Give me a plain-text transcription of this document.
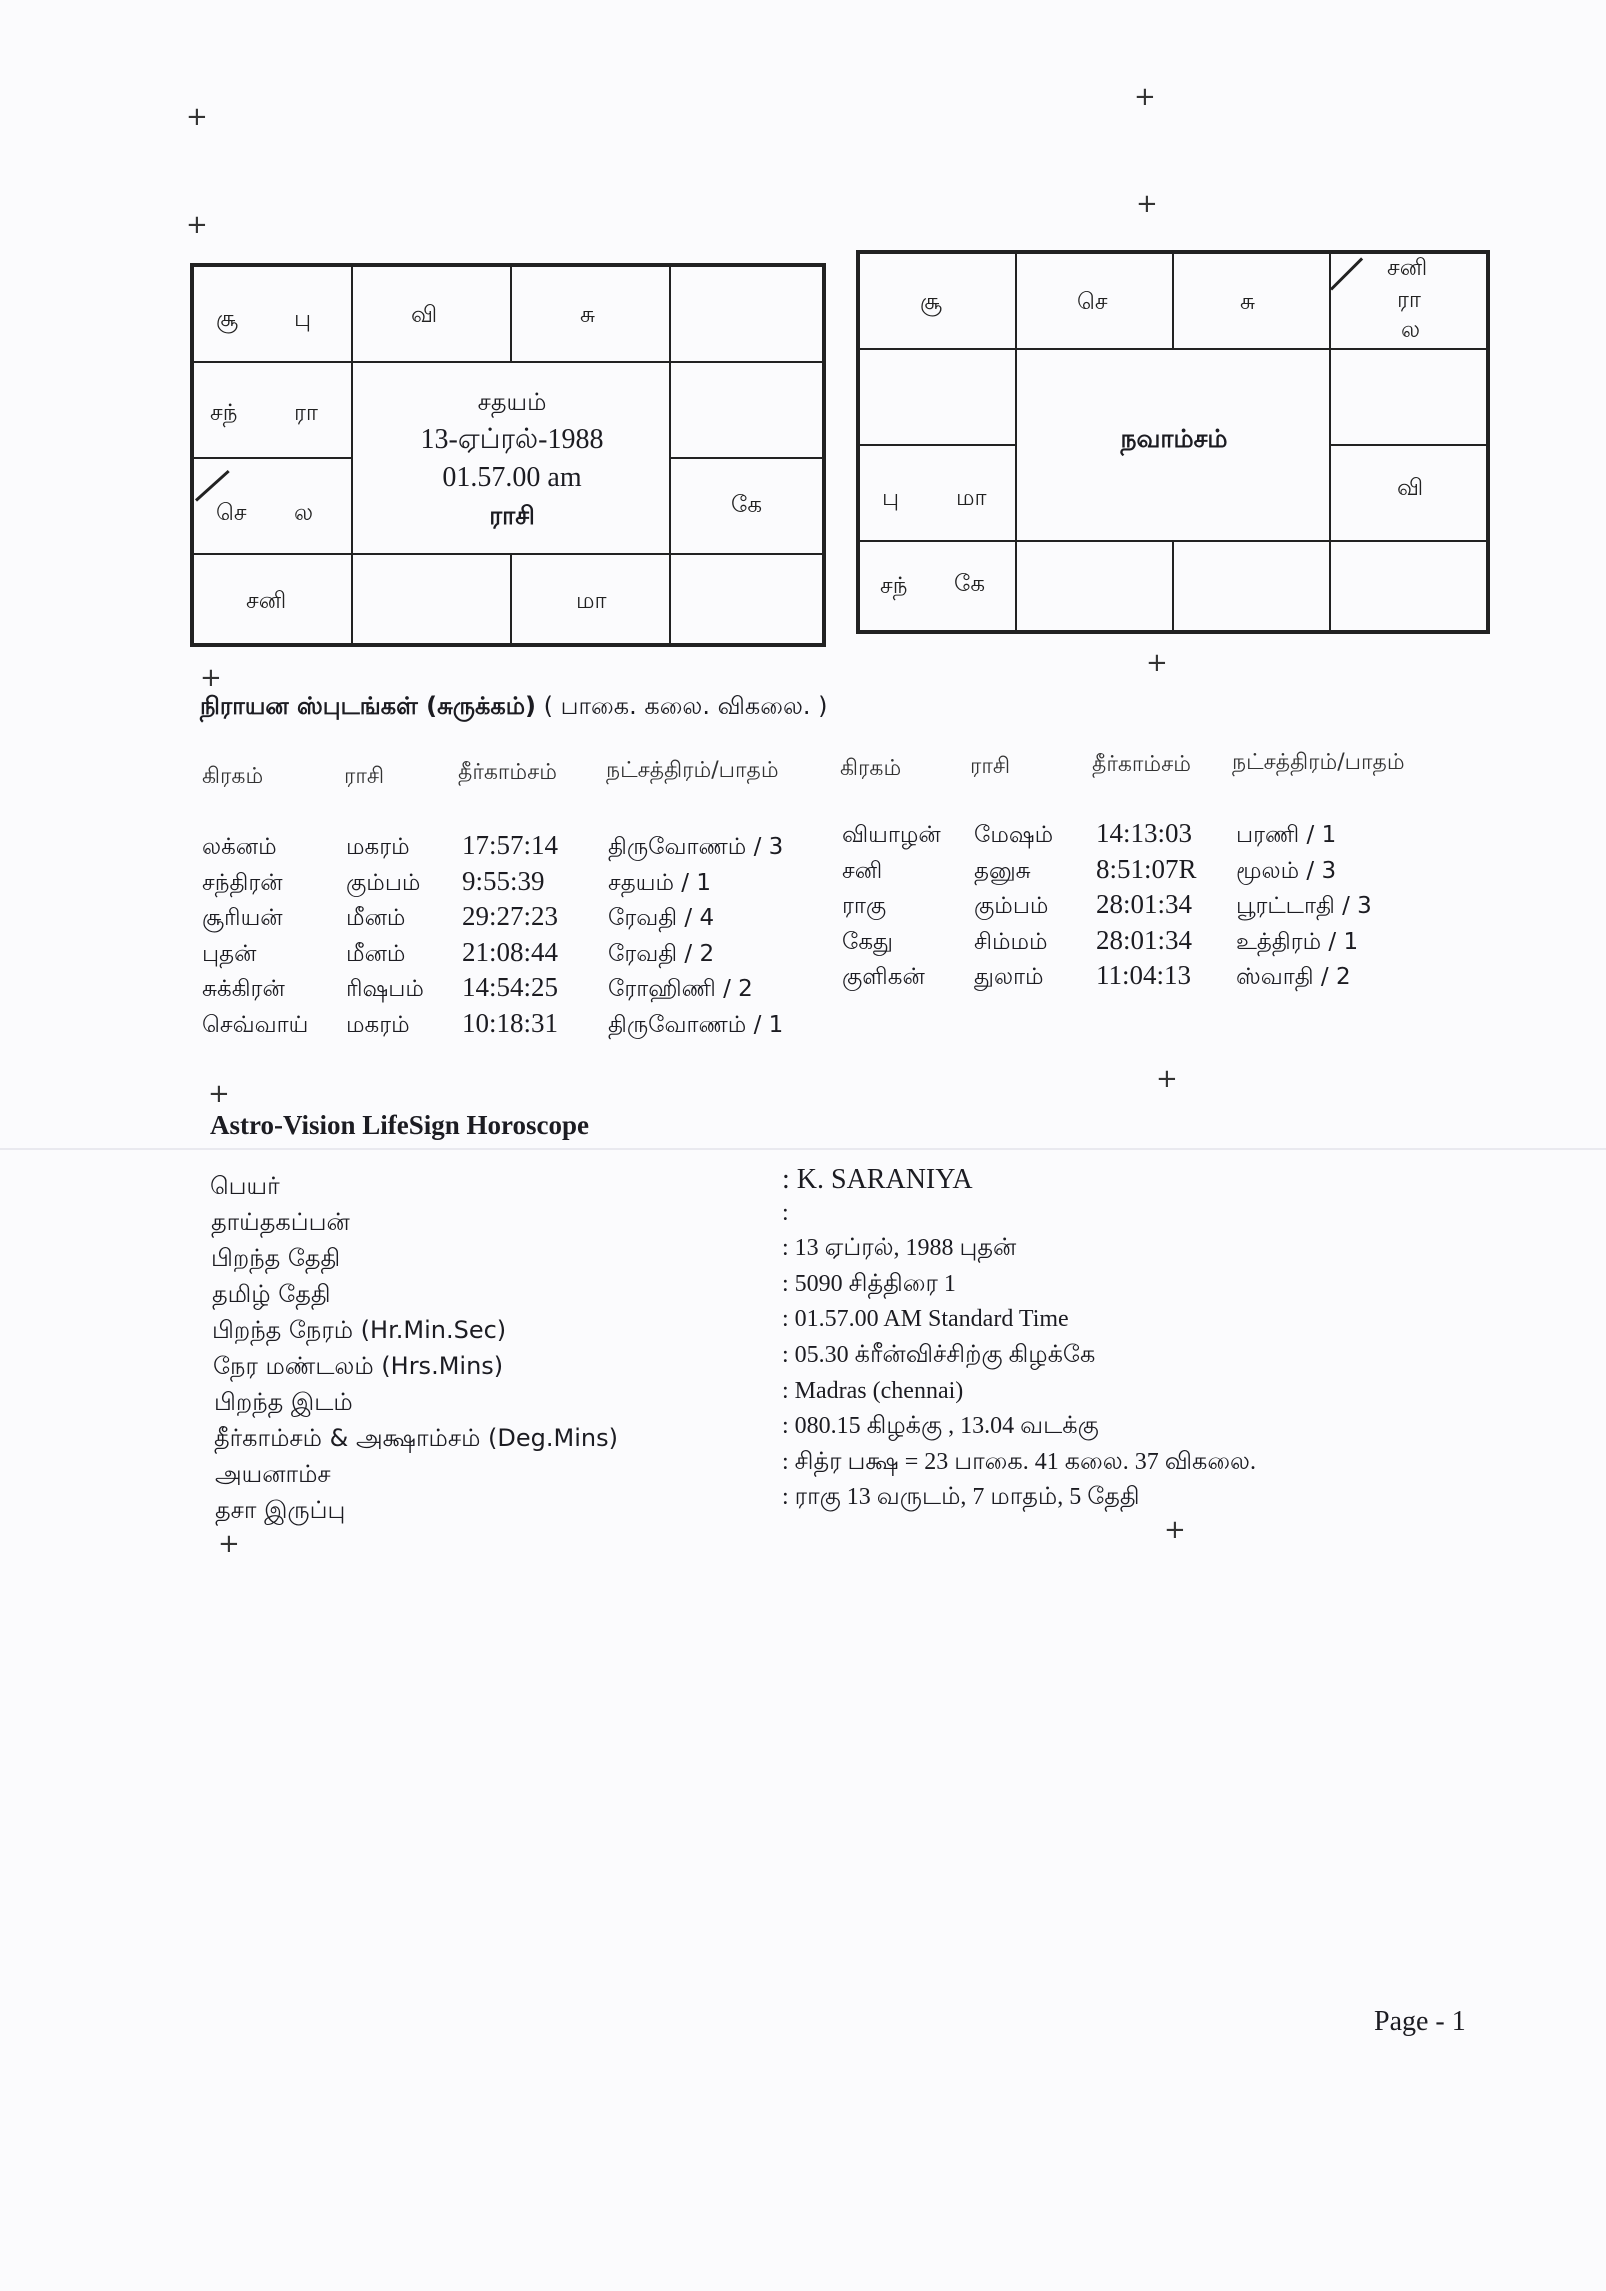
+
+
+
+
+	+
+	+
+	+
சூ பு	வி	சு
சந் ரா
செ ல	கே
சனி	மா
சதயம்
13-ஏப்ரல்-1988
01.57.00 am
ராசி
சூ	செ	சு
சனி
ரா
ல
பு மா	வி
சந் கே
நவாம்சம்
நிராயன ஸ்புடங்கள் (சுருக்கம்) ( பாகை. கலை. விகலை. )
கிரகம்	ராசி	தீர்காம்சம் நட்சத்திரம்/பாதம்	கிரகம்	ராசி	தீர்காம்சம் நட்சத்திரம்/பாதம்
லக்னம்	மகரம் 17:57:14 திருவோணம் / 3
சந்திரன்	கும்பம் 9:55:39	சதயம் / 1
சூரியன்	மீனம் 29:27:23 ரேவதி / 4
புதன்	மீனம் 21:08:44 ரேவதி / 2
சுக்கிரன்	ரிஷபம் 14:54:25 ரோஹிணி / 2
செவ்வாய் மகரம் 10:18:31 திருவோணம் / 1
வியாழன் மேஷம் 14:13:03 பரணி / 1
சனி	தனுசு 8:51:07R மூலம் / 3
ராகு	கும்பம் 28:01:34 பூரட்டாதி / 3
கேது	சிம்மம் 28:01:34 உத்திரம் / 1
குளிகன் துலாம் 11:04:13 ஸ்வாதி / 2
Astro-Vision LifeSign Horoscope
பெயர்	: K. SARANIYA
தாய்தகப்பன்	:
பிறந்த தேதி	: 13 ஏப்ரல், 1988 புதன்
தமிழ் தேதி	: 5090 சித்திரை 1
பிறந்த நேரம் (Hr.Min.Sec)	: 01.57.00 AM Standard Time
நேர மண்டலம் (Hrs.Mins)	: 05.30 க்ரீன்விச்சிற்கு கிழக்கே
பிறந்த இடம்	: Madras (chennai)
தீர்காம்சம் & அக்ஷாம்சம் (Deg.Mins)	: 080.15 கிழக்கு , 13.04 வடக்கு
அயனாம்ச	: சித்ர பக்ஷ = 23 பாகை. 41 கலை. 37 விகலை.
தசா இருப்பு	: ராகு 13 வருடம், 7 மாதம், 5 தேதி
Page - 1
